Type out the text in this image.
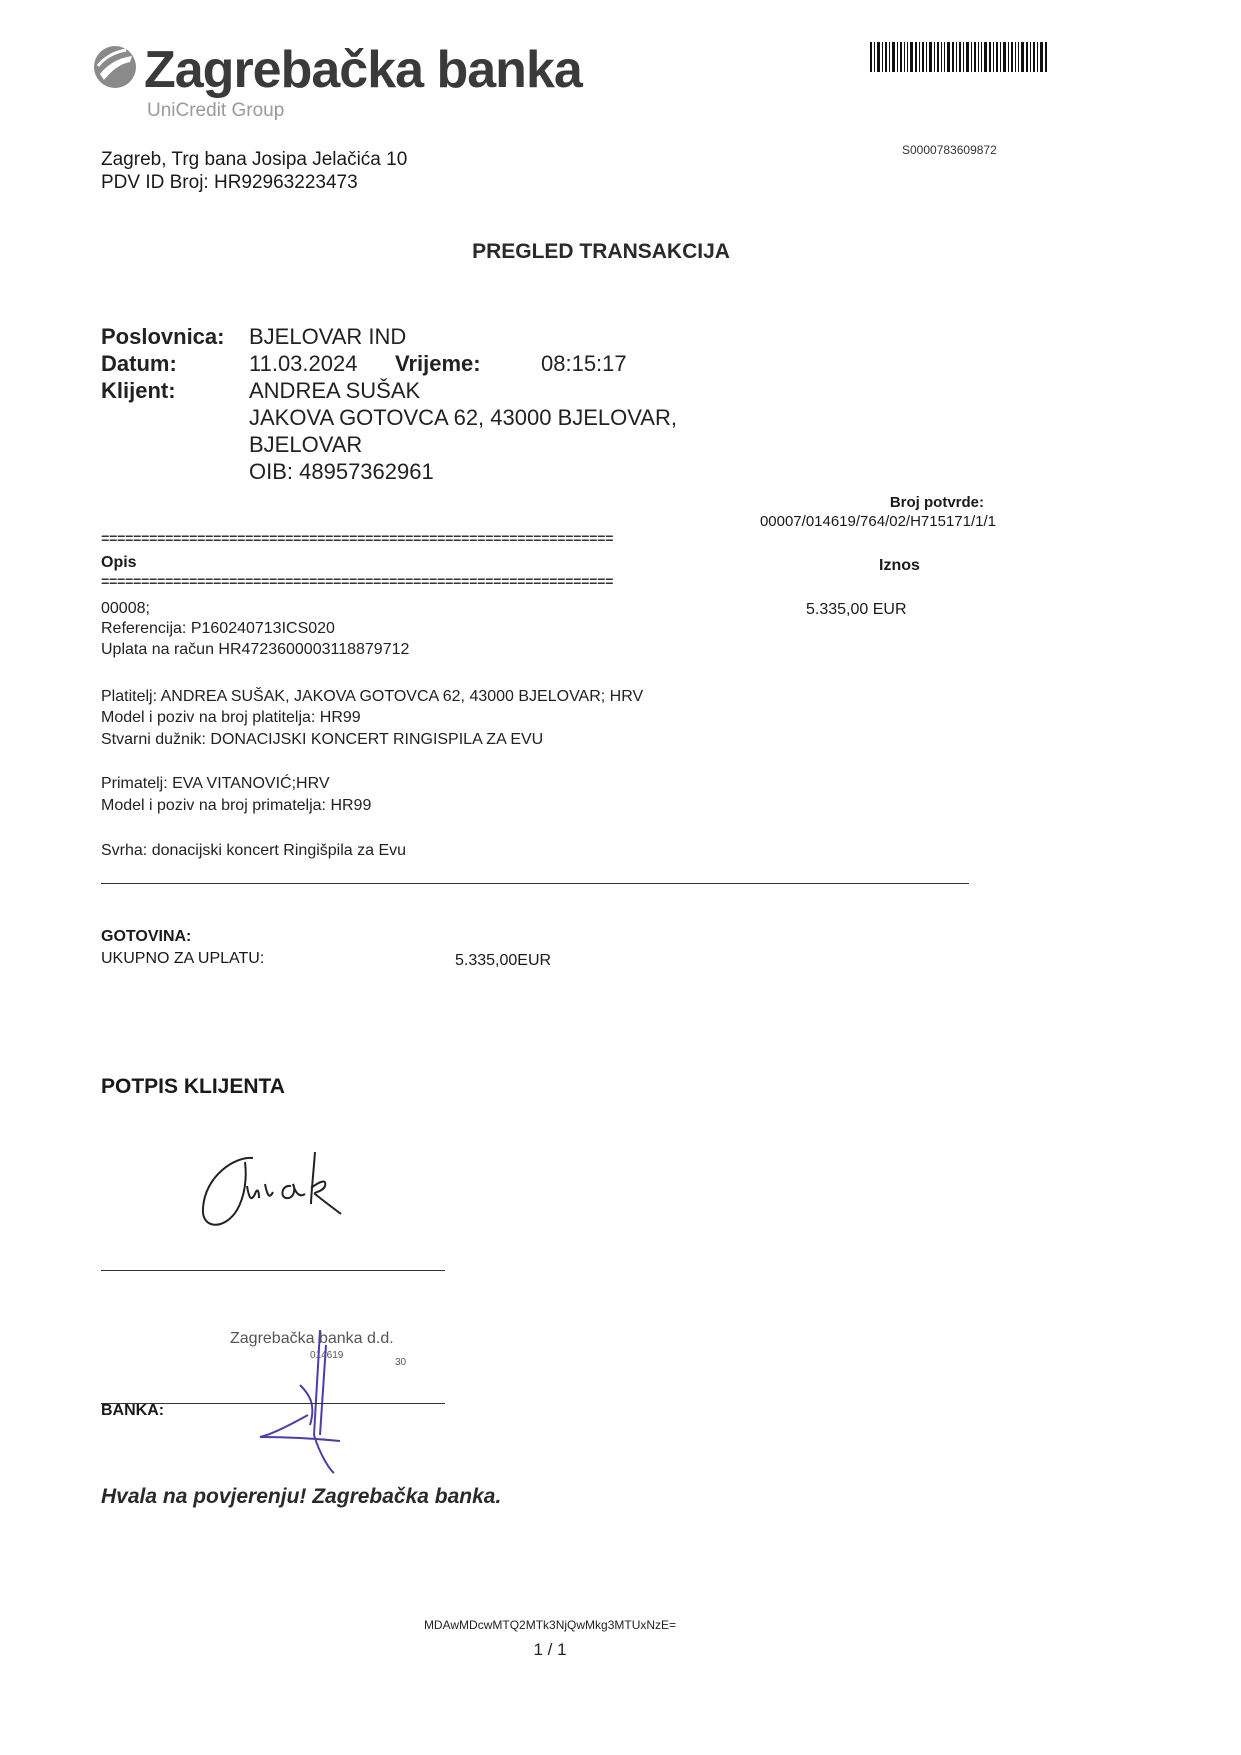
Zagrebačka banka
UniCredit Group
S0000783609872
Zagreb, Trg bana Josipa Jelačića 10
PDV ID Broj: HR92963223473
PREGLED TRANSAKCIJA
Poslovnica: BJELOVAR IND
Datum:	11.03.2024 Vrijeme:	08:15:17
Klijent:	ANDREA SUŠAK
JAKOVA GOTOVCA 62, 43000 BJELOVAR,
BJELOVAR
OIB: 48957362961
Broj potvrde:
00007/014619/764/02/H715171/1/1
================================================================
Opis	Iznos
================================================================
00008;	5.335,00 EUR
Referencija: P160240713ICS020
Uplata na račun HR4723600003118879712
Platitelj: ANDREA SUŠAK, JAKOVA GOTOVCA 62, 43000 BJELOVAR; HRV
Model i poziv na broj platitelja: HR99
Stvarni dužnik: DONACIJSKI KONCERT RINGISPILA ZA EVU
Primatelj: EVA VITANOVIĆ;HRV
Model i poziv na broj primatelja: HR99
Svrha: donacijski koncert Ringišpila za Evu
GOTOVINA:
UKUPNO ZA UPLATU:	5.335,00EUR
POTPIS KLIJENTA
Zagrebačka banka d.d.
014619
30
BANKA:
Hvala na povjerenju! Zagrebačka banka.
MDAwMDcwMTQ2MTk3NjQwMkg3MTUxNzE=
1 / 1
